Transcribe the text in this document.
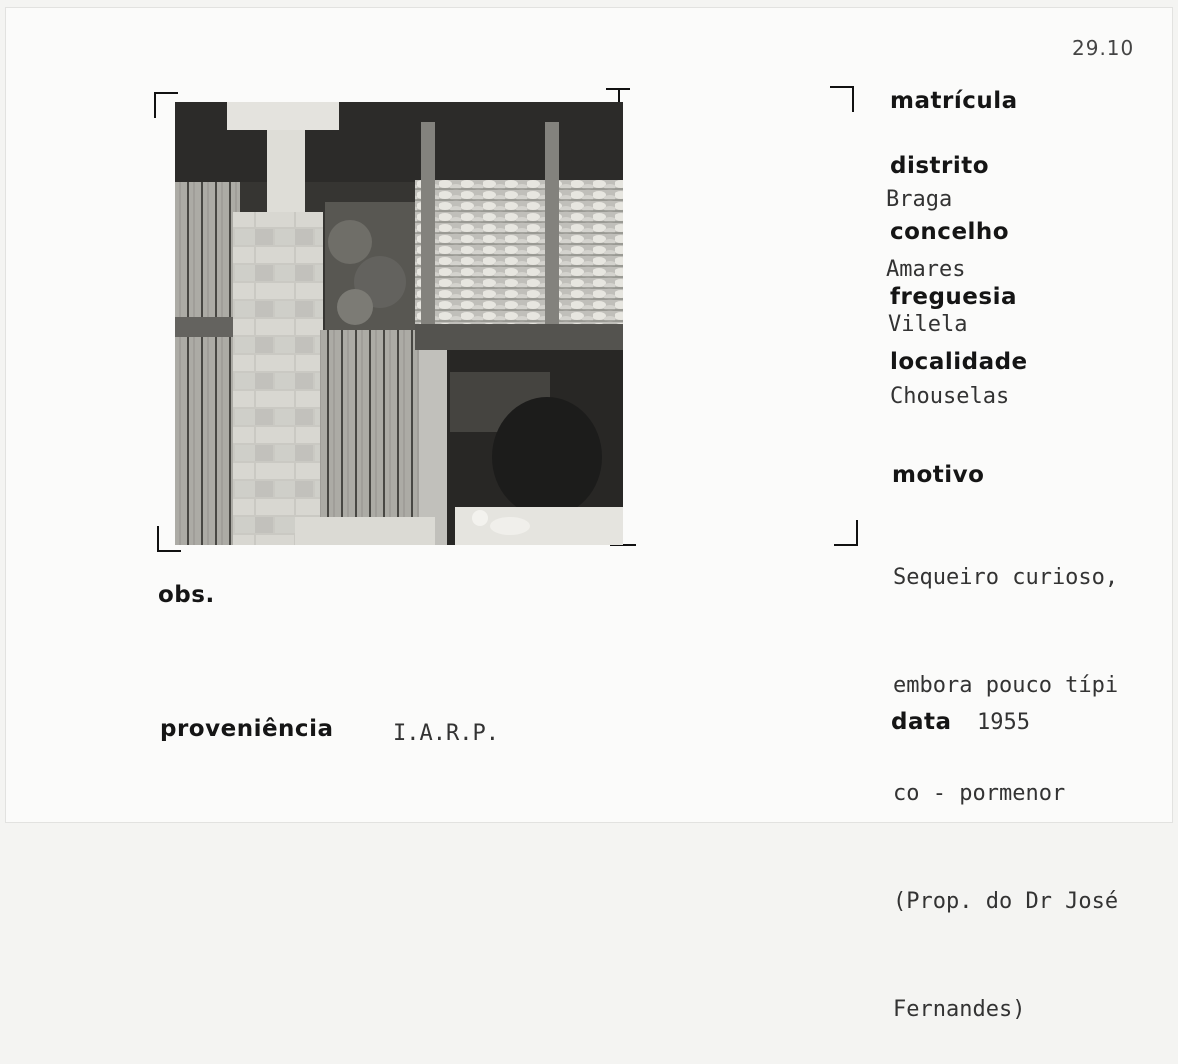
29.10
matrícula
distrito
Braga
concelho
Amares
freguesia
Vilela
localidade
Chouselas
motivo

Sequeiro curioso,

embora pouco típi

co - pormenor

(Prop. do Dr José

Fernandes)

data 1955
obs.
proveniência	I.A.R.P.
